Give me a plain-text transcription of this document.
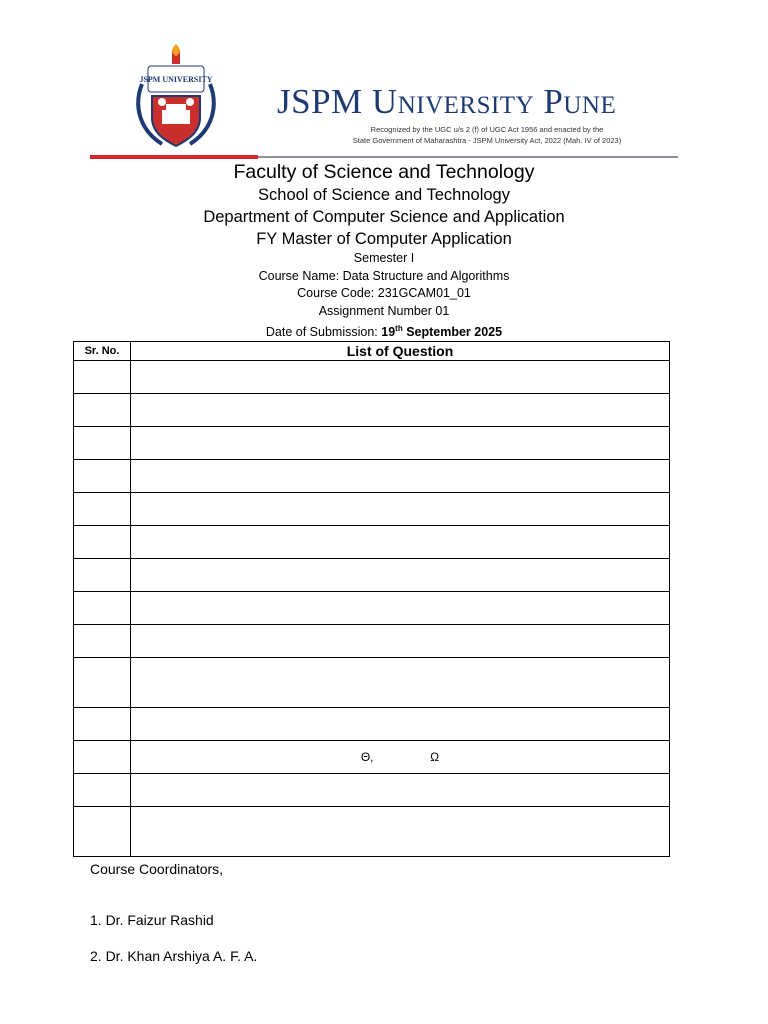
JSPM UNIVERSITY
JSPM University Pune
Recognized by the UGC u/s 2 (f) of UGC Act 1956 and enacted by the
State Government of Maharashtra - JSPM University Act, 2022 (Mah. IV of 2023)
Faculty of Science and Technology
School of Science and Technology
Department of Computer Science and Application
FY Master of Computer Application
Semester I
Course Name: Data Structure and Algorithms
Course Code: 231GCAM01_01
Assignment Number 01
Date of Submission: 19th September 2025
Sr. No.	List of Question

	Θ,                 Ω

Course Coordinators,
1. Dr. Faizur Rashid
2. Dr. Khan Arshiya A. F. A.
